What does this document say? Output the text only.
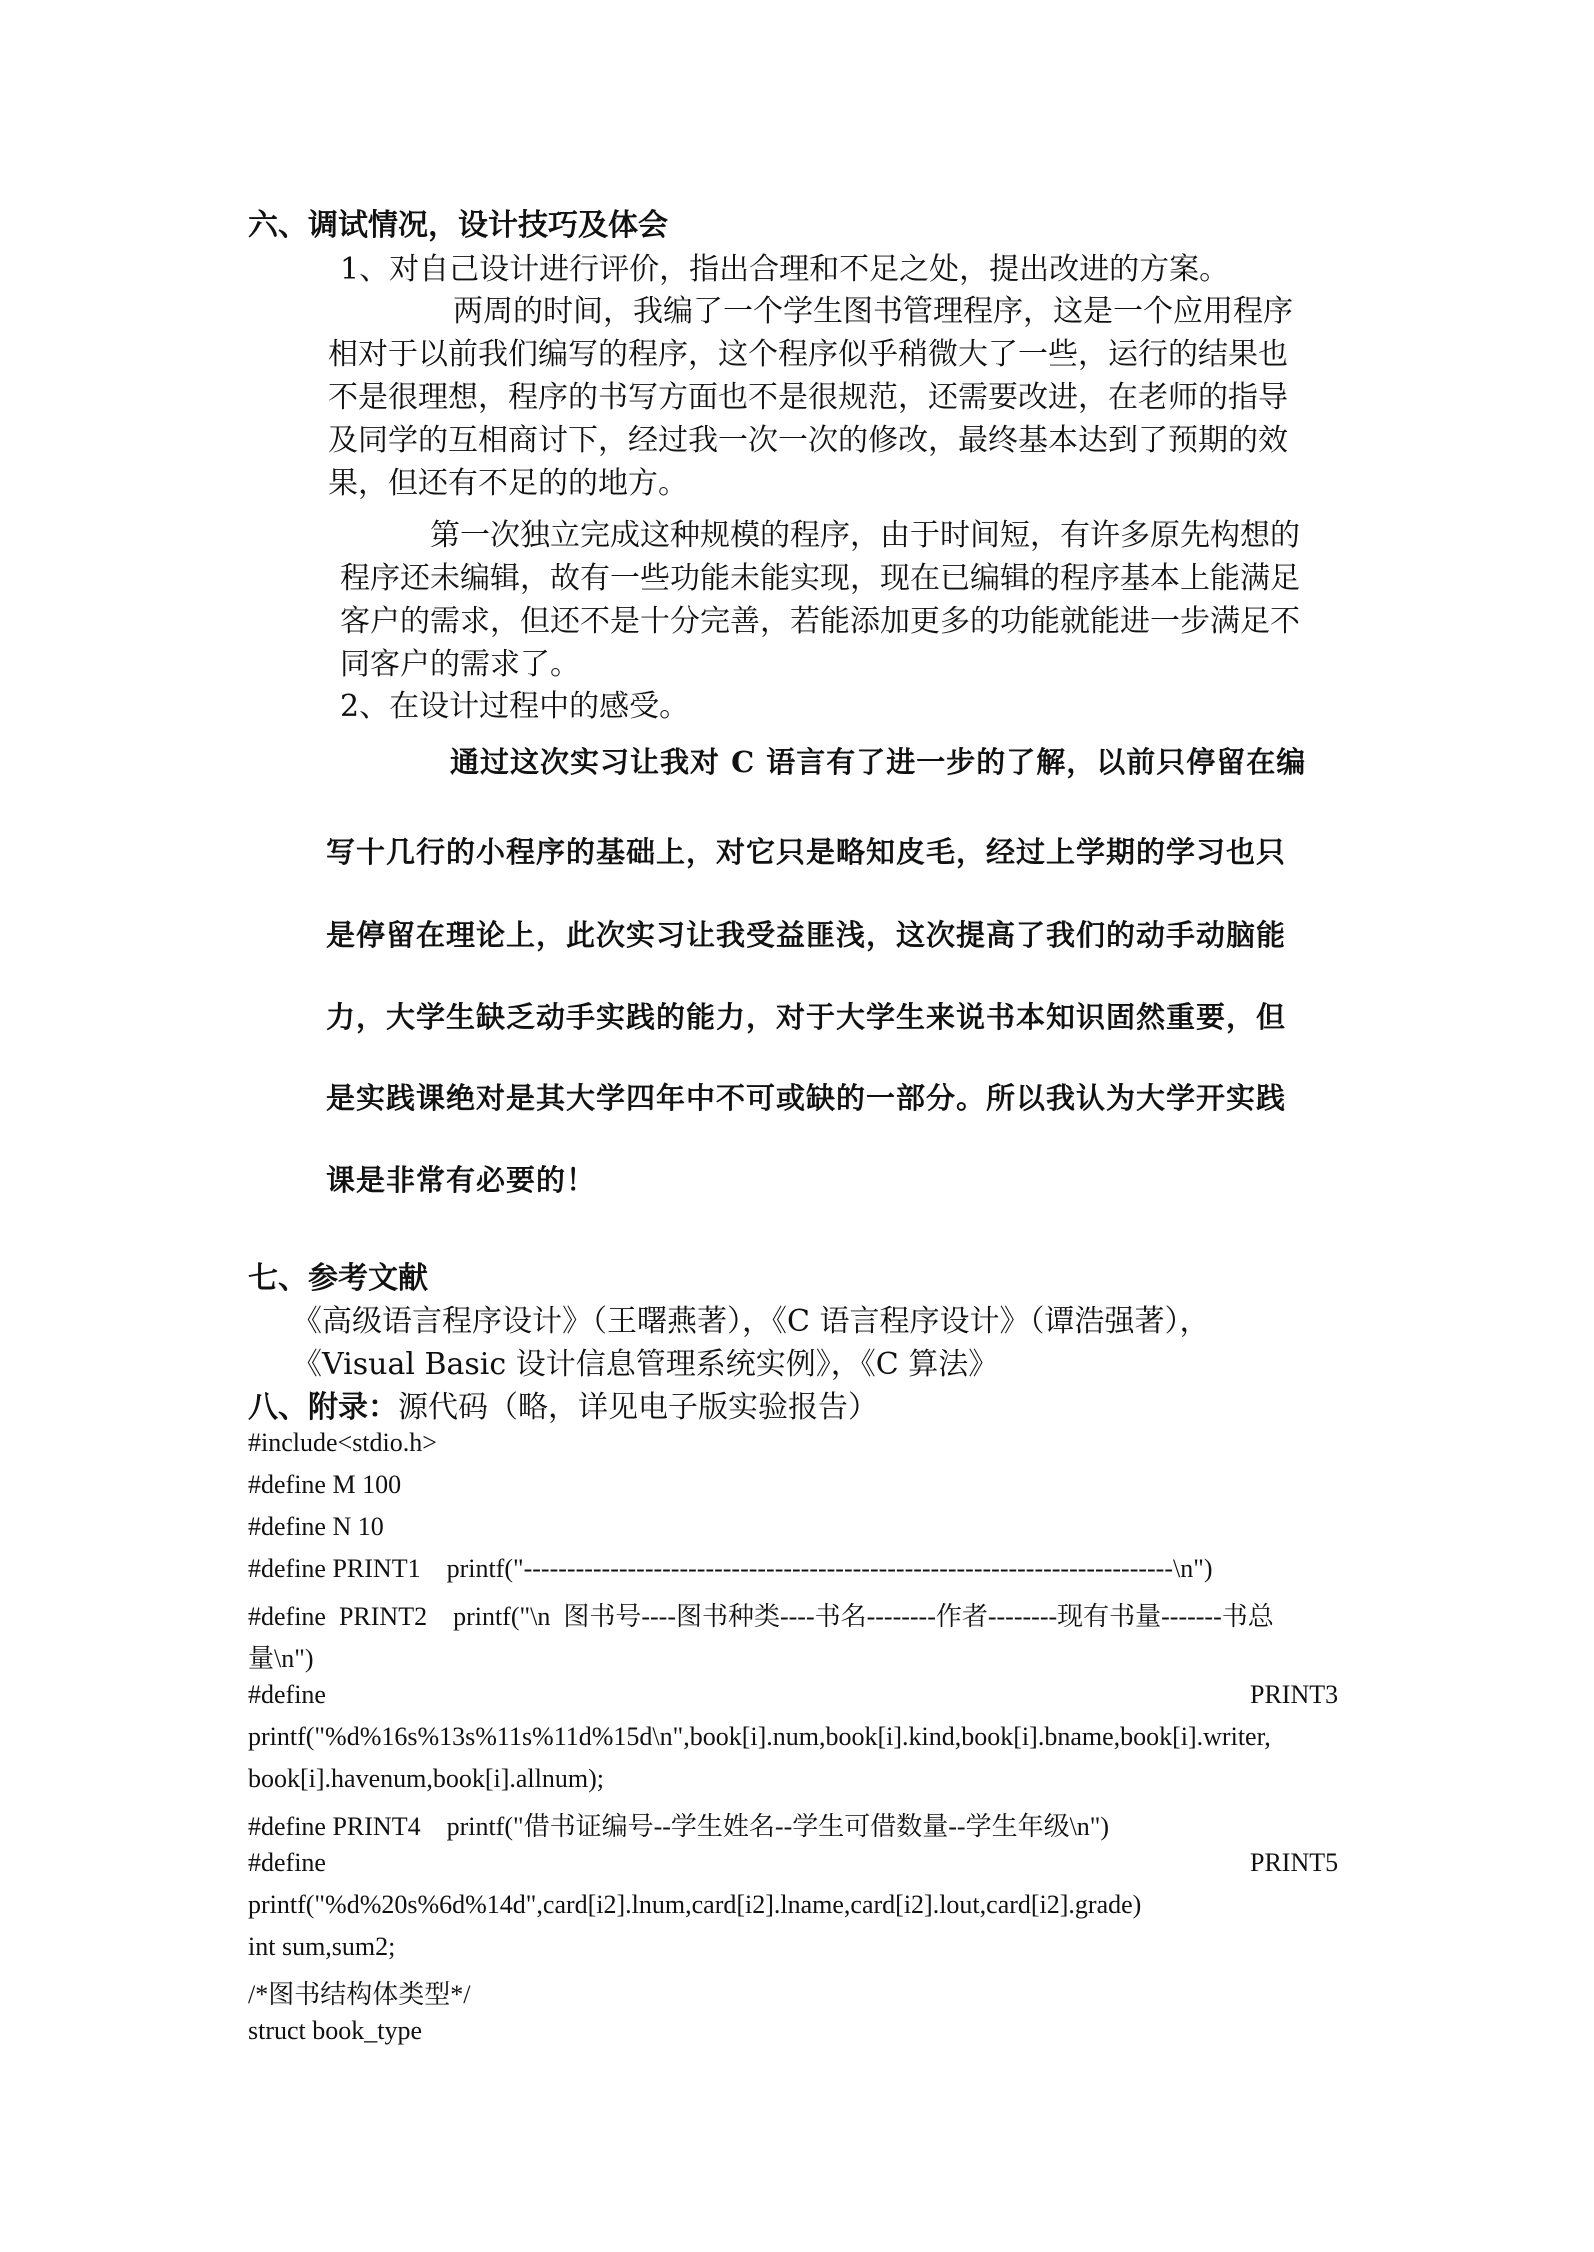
六、调试情况，设计技巧及体会
1、对自己设计进行评价，指出合理和不足之处，提出改进的方案。
两周的时间，我编了一个学生图书管理程序，这是一个应用程序
相对于以前我们编写的程序，这个程序似乎稍微大了一些，运行的结果也
不是很理想，程序的书写方面也不是很规范，还需要改进，在老师的指导
及同学的互相商讨下，经过我一次一次的修改，最终基本达到了预期的效
果，但还有不足的的地方。
第一次独立完成这种规模的程序，由于时间短，有许多原先构想的
程序还未编辑，故有一些功能未能实现，现在已编辑的程序基本上能满足
客户的需求，但还不是十分完善，若能添加更多的功能就能进一步满足不
同客户的需求了。
2、在设计过程中的感受。
通过这次实习让我对 C 语言有了进一步的了解，以前只停留在编
写十几行的小程序的基础上，对它只是略知皮毛，经过上学期的学习也只
是停留在理论上，此次实习让我受益匪浅，这次提高了我们的动手动脑能
力，大学生缺乏动手实践的能力，对于大学生来说书本知识固然重要，但
是实践课绝对是其大学四年中不可或缺的一部分。所以我认为大学开实践
课是非常有必要的！
七、参考文献
《高级语言程序设计》（王曙燕著），《C 语言程序设计》（谭浩强著），
《Visual Basic 设计信息管理系统实例》，《C 算法》
八、附录：源代码（略，详见电子版实验报告）
#include<stdio.h>
#define M 100
#define N 10
#define PRINT1    printf("---------------------------------------------------------------------------\n")
#define  PRINT2    printf("\n  图书号----图书种类----书名--------作者--------现有书量-------书总
量\n")
#define	PRINT3
printf("%d%16s%13s%11s%11d%15d\n",book[i].num,book[i].kind,book[i].bname,book[i].writer,
book[i].havenum,book[i].allnum);
#define PRINT4    printf("借书证编号--学生姓名--学生可借数量--学生年级\n")
#define	PRINT5
printf("%d%20s%6d%14d",card[i2].lnum,card[i2].lname,card[i2].lout,card[i2].grade)
int sum,sum2;
/*图书结构体类型*/
struct book_type
